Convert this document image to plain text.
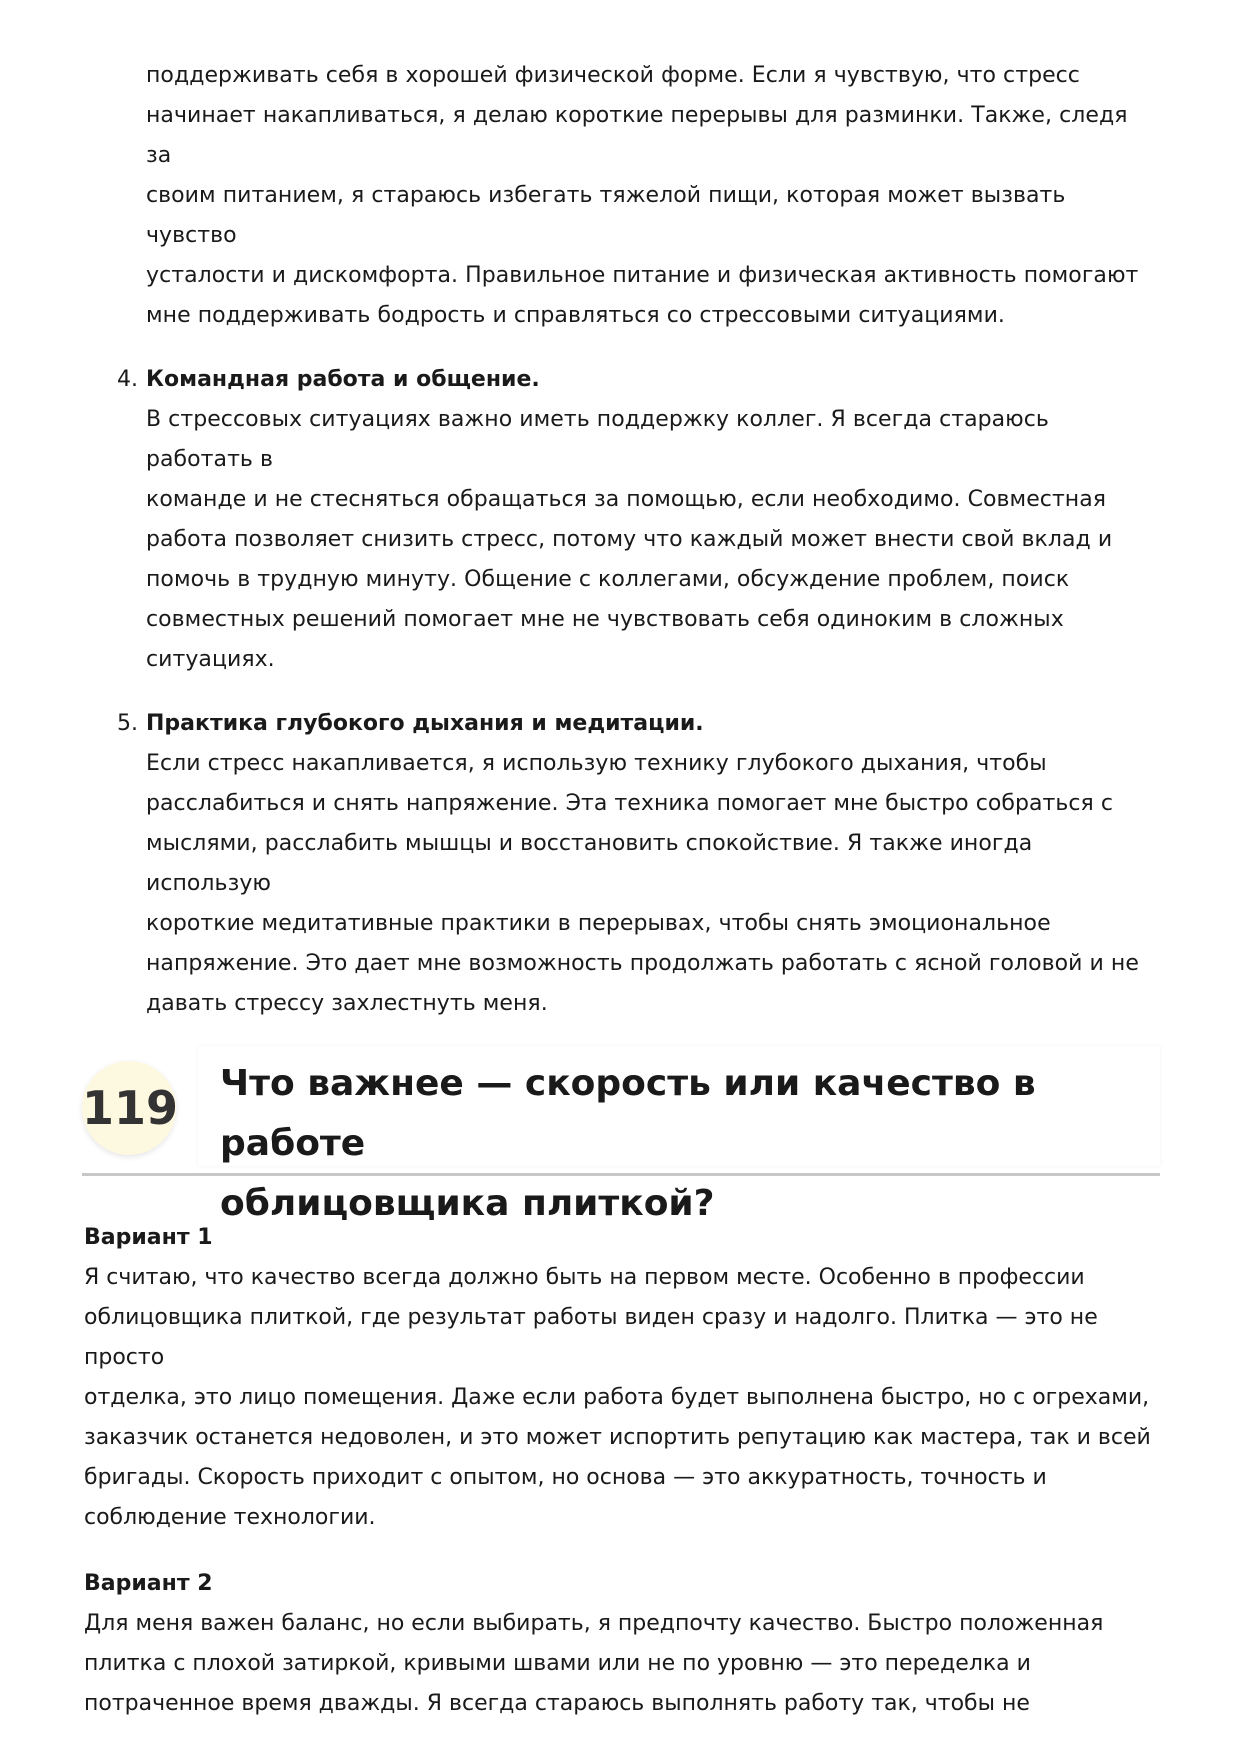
поддерживать себя в хорошей физической форме. Если я чувствую, что стресс
начинает накапливаться, я делаю короткие перерывы для разминки. Также, следя за
своим питанием, я стараюсь избегать тяжелой пищи, которая может вызвать чувство
усталости и дискомфорта. Правильное питание и физическая активность помогают
мне поддерживать бодрость и справляться со стрессовыми ситуациями.
4. Командная работа и общение.
В стрессовых ситуациях важно иметь поддержку коллег. Я всегда стараюсь работать в
команде и не стесняться обращаться за помощью, если необходимо. Совместная
работа позволяет снизить стресс, потому что каждый может внести свой вклад и
помочь в трудную минуту. Общение с коллегами, обсуждение проблем, поиск
совместных решений помогает мне не чувствовать себя одиноким в сложных
ситуациях.
5. Практика глубокого дыхания и медитации.
Если стресс накапливается, я использую технику глубокого дыхания, чтобы
расслабиться и снять напряжение. Эта техника помогает мне быстро собраться с
мыслями, расслабить мышцы и восстановить спокойствие. Я также иногда использую
короткие медитативные практики в перерывах, чтобы снять эмоциональное
напряжение. Это дает мне возможность продолжать работать с ясной головой и не
давать стрессу захлестнуть меня.
119 Что важнее — скорость или качество в работе
облицовщика плиткой?
Вариант 1
Я считаю, что качество всегда должно быть на первом месте. Особенно в профессии
облицовщика плиткой, где результат работы виден сразу и надолго. Плитка — это не просто
отделка, это лицо помещения. Даже если работа будет выполнена быстро, но с огрехами,
заказчик останется недоволен, и это может испортить репутацию как мастера, так и всей
бригады. Скорость приходит с опытом, но основа — это аккуратность, точность и
соблюдение технологии.
Вариант 2
Для меня важен баланс, но если выбирать, я предпочту качество. Быстро положенная
плитка с плохой затиркой, кривыми швами или не по уровню — это переделка и
потраченное время дважды. Я всегда стараюсь выполнять работу так, чтобы не
